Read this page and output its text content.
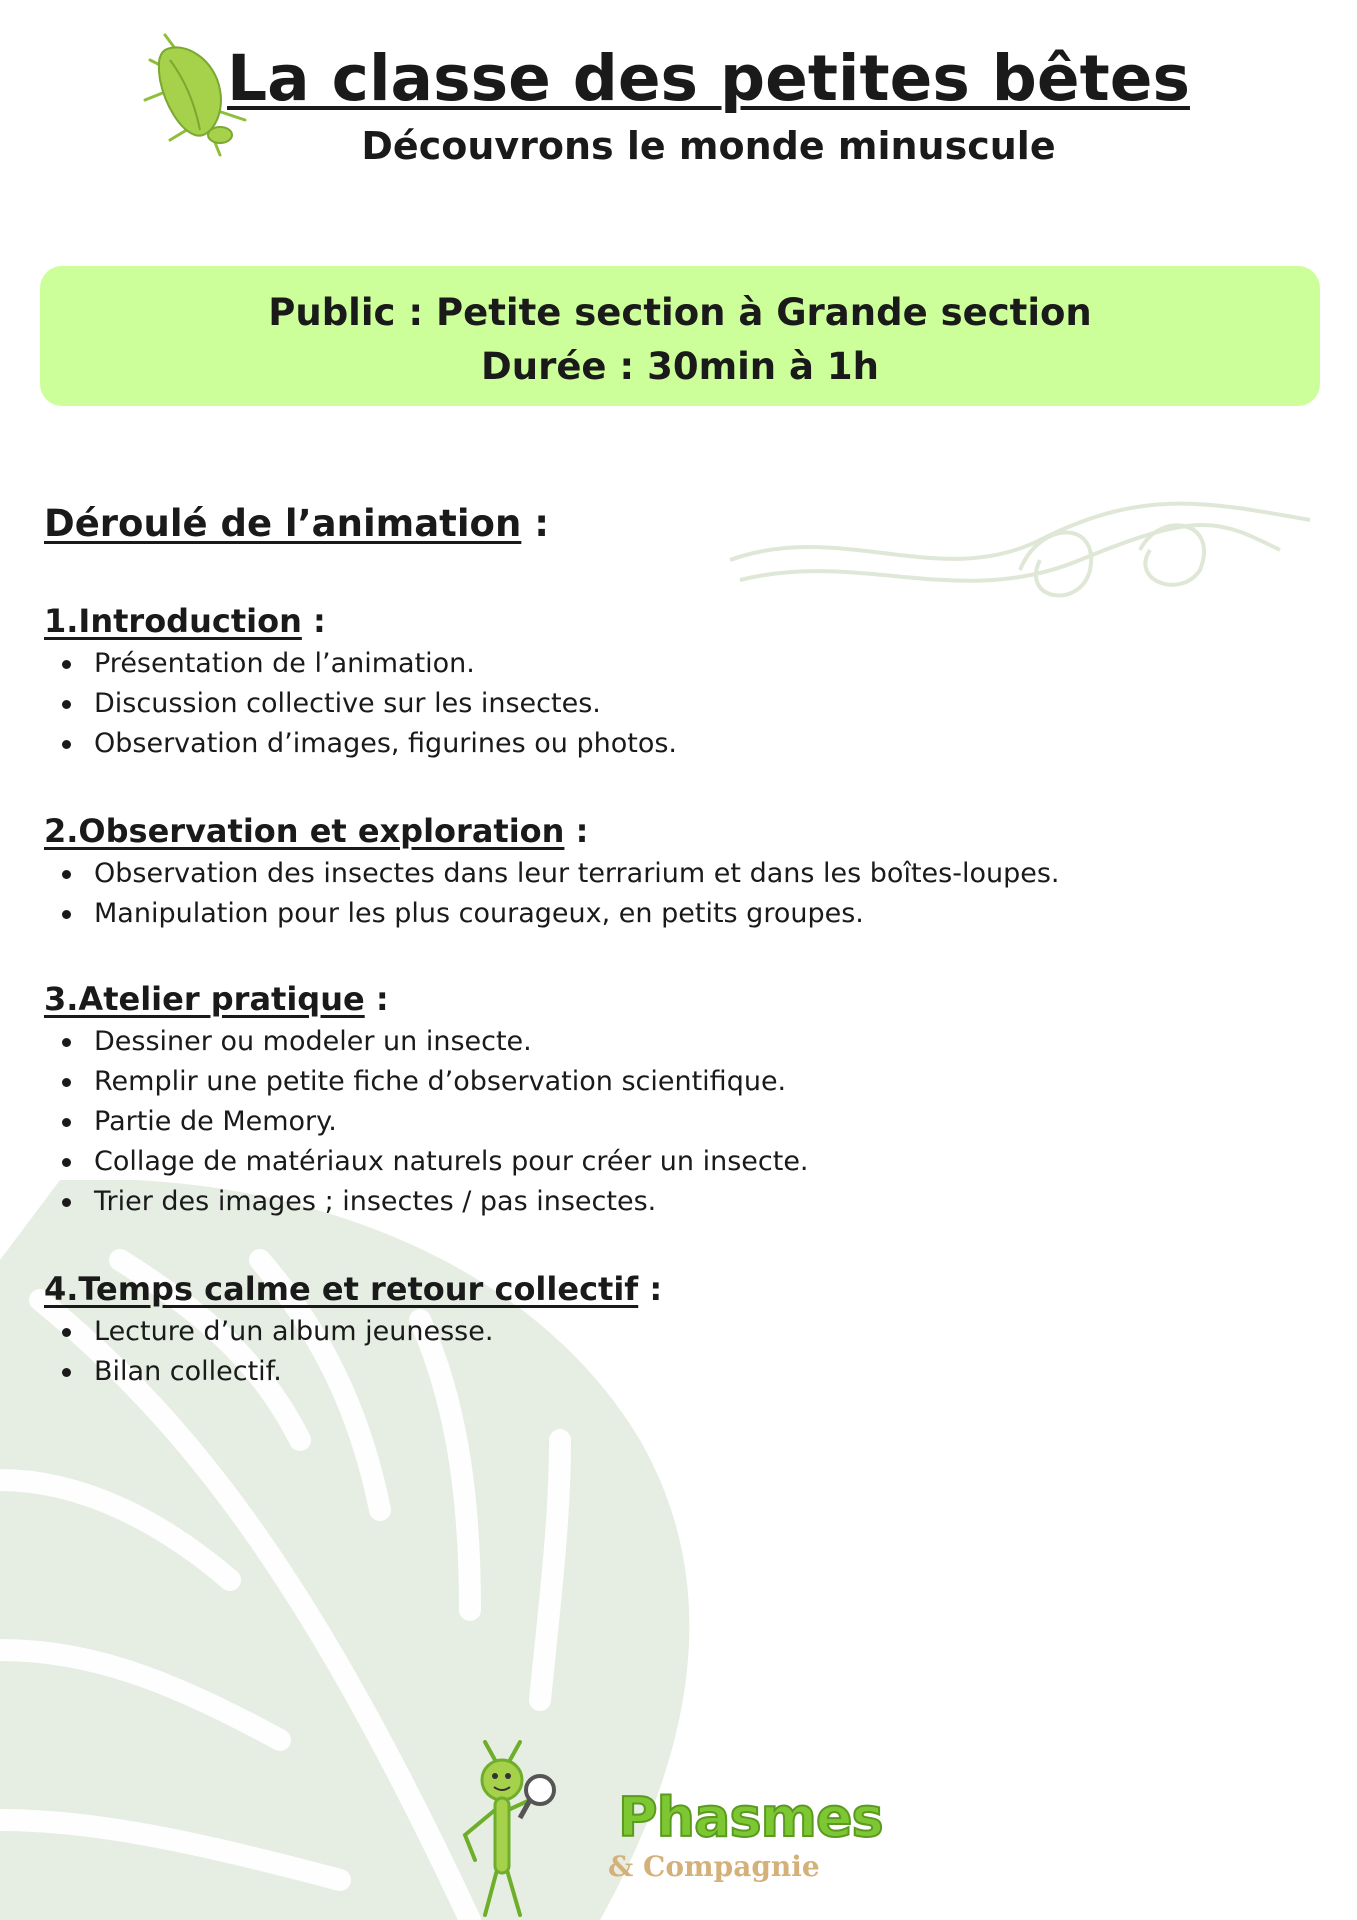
La classe des petites bêtes
Découvrons le monde minuscule
Public : Petite section à Grande section
Durée : 30min à 1h
Déroulé de l’animation :
1.Introduction :
Présentation de l’animation.
Discussion collective sur les insectes.
Observation d’images, figurines ou photos.
2.Observation et exploration :
Observation des insectes dans leur terrarium et dans les boîtes-loupes.
Manipulation pour les plus courageux, en petits groupes.
3.Atelier pratique :
Dessiner ou modeler un insecte.
Remplir une petite fiche d’observation scientifique.
Partie de Memory.
Collage de matériaux naturels pour créer un insecte.
Trier des images ; insectes / pas insectes.
4.Temps calme et retour collectif :
Lecture d’un album jeunesse.
Bilan collectif.
Phasmes
& Compagnie
